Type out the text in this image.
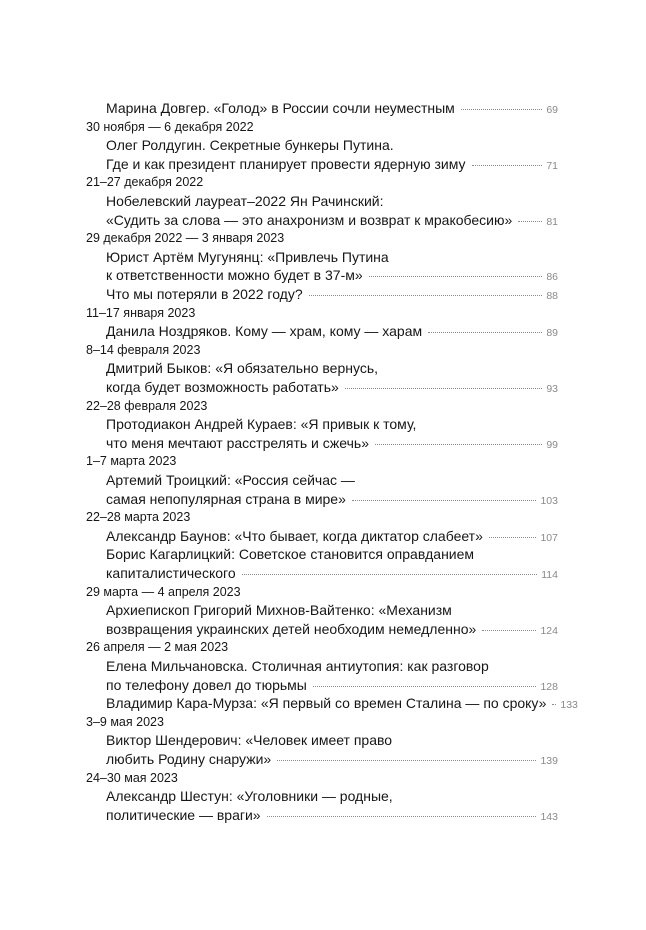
Марина Довгер. «Голод» в России сочли неуместным	69
30 ноября — 6 декабря 2022
Олег Ролдугин. Секретные бункеры Путина.
Где и как президент планирует провести ядерную зиму	71
21–27 декабря 2022
Нобелевский лауреат–2022 Ян Рачинский:
«Судить за слова — это анахронизм и возврат к мракобесию»	81
29 декабря 2022 — 3 января 2023
Юрист Артём Мугунянц: «Привлечь Путина
к ответственности можно будет в 37-м»	86
Что мы потеряли в 2022 году?	88
11–17 января 2023
Данила Ноздряков. Кому — храм, кому — харам	89
8–14 февраля 2023
Дмитрий Быков: «Я обязательно вернусь,
когда будет возможность работать»	93
22–28 февраля 2023
Протодиакон Андрей Кураев: «Я привык к тому,
что меня мечтают расстрелять и сжечь»	99
1–7 марта 2023
Артемий Троицкий: «Россия сейчас —
самая непопулярная страна в мире»	103
22–28 марта 2023
Александр Баунов: «Что бывает, когда диктатор слабеет»	107
Борис Кагарлицкий: Советское становится оправданием
капиталистического	114
29 марта — 4 апреля 2023
Архиепископ Григорий Михнов-Вайтенко: «Механизм
возвращения украинских детей необходим немедленно»	124
26 апреля — 2 мая 2023
Елена Мильчановска. Столичная антиутопия: как разговор
по телефону довел до тюрьмы	128
Владимир Кара-Мурза: «Я первый со времен Сталина — по сроку» 133
3–9 мая 2023
Виктор Шендерович: «Человек имеет право
любить Родину снаружи»	139
24–30 мая 2023
Александр Шестун: «Уголовники — родные,
политические — враги»	143
